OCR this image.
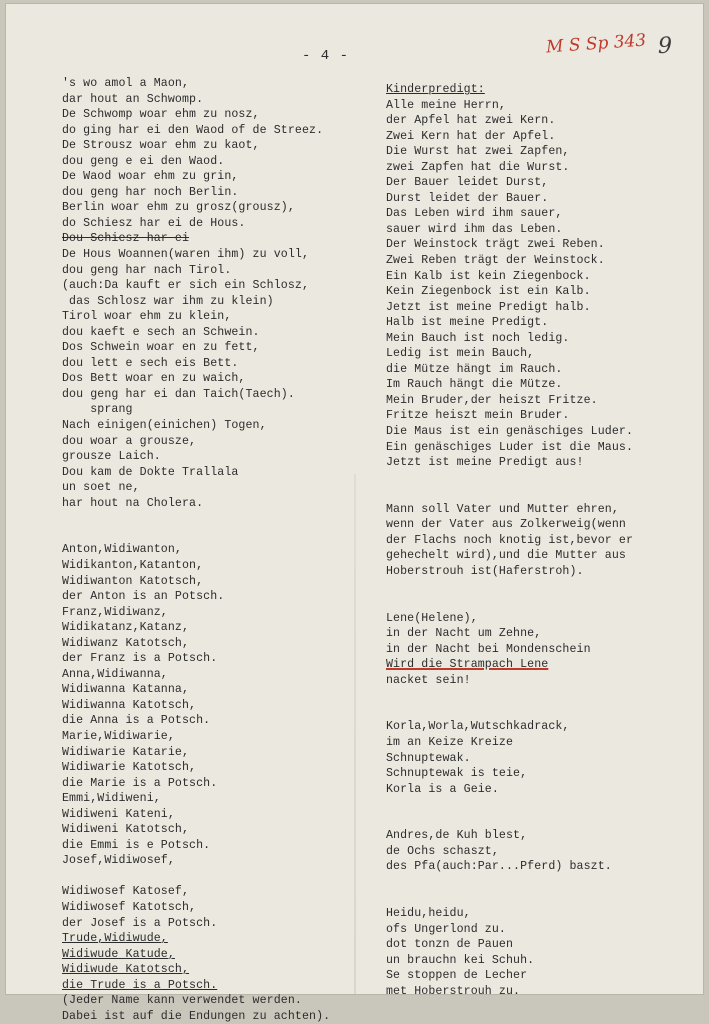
- 4 -	M S Sp 343 9
's wo amol a Maon,
dar hout an Schwomp.
De Schwomp woar ehm zu nosz,
do ging har ei den Waod of de Streez.
De Strousz woar ehm zu kaot,
dou geng e ei den Waod.
De Waod woar ehm zu grin,
dou geng har noch Berlin.
Berlin woar ehm zu grosz(grousz),
do Schiesz har ei de Hous.
Dou Schiesz har ei
De Hous Woannen(waren ihm) zu voll,
dou geng har nach Tirol.
(auch:Da kauft er sich ein Schlosz,
das Schlosz war ihm zu klein)
Tirol woar ehm zu klein,
dou kaeft e sech an Schwein.
Dos Schwein woar en zu fett,
dou lett e sech eis Bett.
Dos Bett woar en zu waich,
dou geng har ei dan Taich(Taech).
sprang
Nach einigen(einichen) Togen,
dou woar a grousze,
grousze Laich.
Dou kam de Dokte Trallala
un soet ne,
har hout na Cholera.
Anton,Widiwanton,
Widikanton,Katanton,
Widiwanton Katotsch,
der Anton is an Potsch.
Franz,Widiwanz,
Widikatanz,Katanz,
Widiwanz Katotsch,
der Franz is a Potsch.
Anna,Widiwanna,
Widiwanna Katanna,
Widiwanna Katotsch,
die Anna is a Potsch.
Marie,Widiwarie,
Widiwarie Katarie,
Widiwarie Katotsch,
die Marie is a Potsch.
Emmi,Widiweni,
Widiweni Kateni,
Widiweni Katotsch,
die Emmi is e Potsch.
Josef,Widiwosef,
Widiwosef Katosef,
Widiwosef Katotsch,
der Josef is a Potsch.
Trude,Widiwude,
Widiwude Katude,
Widiwude Katotsch,
die Trude is a Potsch.
(Jeder Name kann verwendet werden.
Dabei ist auf die Endungen zu achten).
Kinderpredigt:
Alle meine Herrn,
der Apfel hat zwei Kern.
Zwei Kern hat der Apfel.
Die Wurst hat zwei Zapfen,
zwei Zapfen hat die Wurst.
Der Bauer leidet Durst,
Durst leidet der Bauer.
Das Leben wird ihm sauer,
sauer wird ihm das Leben.
Der Weinstock trägt zwei Reben.
Zwei Reben trägt der Weinstock.
Ein Kalb ist kein Ziegenbock.
Kein Ziegenbock ist ein Kalb.
Jetzt ist meine Predigt halb.
Halb ist meine Predigt.
Mein Bauch ist noch ledig.
Ledig ist mein Bauch,
die Mütze hängt im Rauch.
Im Rauch hängt die Mütze.
Mein Bruder,der heiszt Fritze.
Fritze heiszt mein Bruder.
Die Maus ist ein genäschiges Luder.
Ein genäschiges Luder ist die Maus.
Jetzt ist meine Predigt aus!
Mann soll Vater und Mutter ehren,
wenn der Vater aus Zolkerweig(wenn
der Flachs noch knotig ist,bevor er
gehechelt wird),und die Mutter aus
Hoberstrouh ist(Haferstroh).
Lene(Helene),
in der Nacht um Zehne,
in der Nacht bei Mondenschein
Wird die Strampach Lene
nacket sein!
Korla,Worla,Wutschkadrack,
im an Keize Kreize
Schnuptewak.
Schnuptewak is teie,
Korla is a Geie.
Andres,de Kuh blest,
de Ochs schaszt,
des Pfa(auch:Par...Pferd) baszt.
Heidu,heidu,
ofs Ungerlond zu.
dot tonzn de Pauen
un brauchn kei Schuh.
Se stoppen de Lecher
met Hoberstrouh zu.
